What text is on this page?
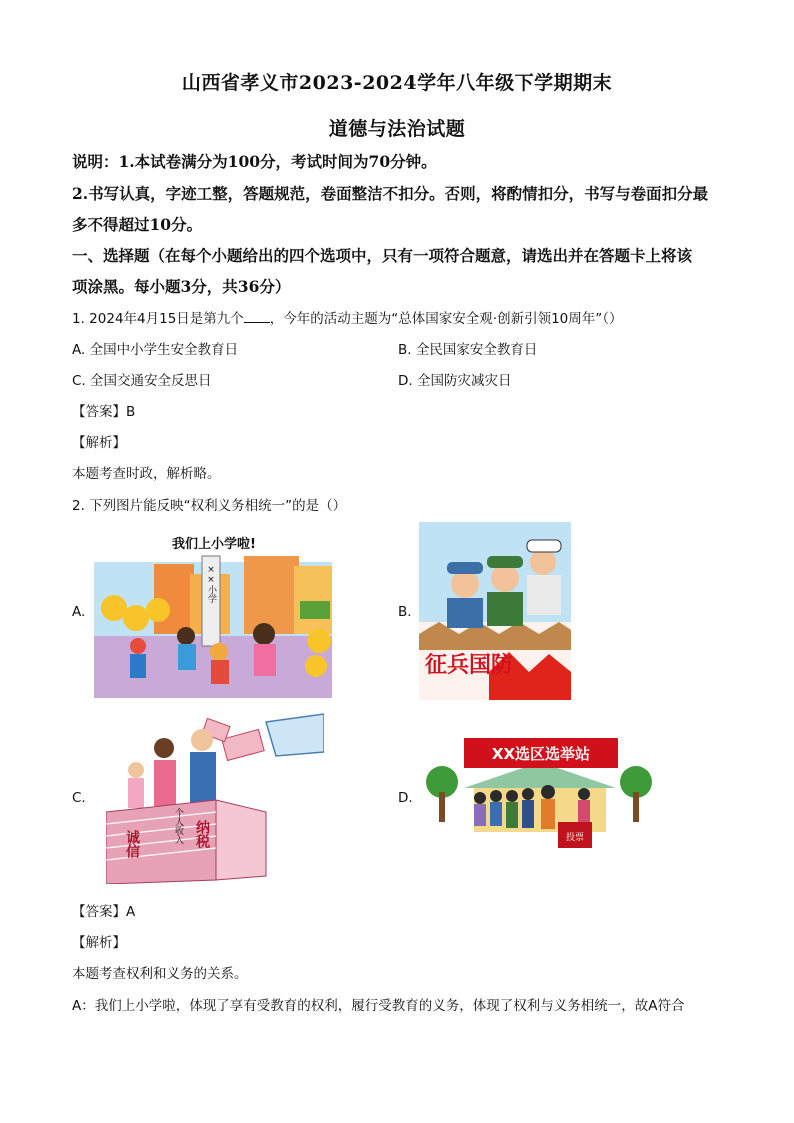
山西省孝义市2023-2024学年八年级下学期期末
道德与法治试题
说明：1.本试卷满分为100分，考试时间为70分钟。
2.书写认真，字迹工整，答题规范，卷面整洁不扣分。否则，将酌情扣分，书写与卷面扣分最
多不得超过10分。
一、选择题（在每个小题给出的四个选项中，只有一项符合题意，请选出并在答题卡上将该
项涂黑。每小题3分，共36分）
1. 2024年4月15日是第九个 ，今年的活动主题为“总体国家安全观·创新引领10周年”（）
A. 全国中小学生安全教育日	B. 全民国家安全教育日
C. 全国交通安全反思日	D. 全国防灾减灾日
【答案】B
【解析】
本题考查时政，解析略。
2. 下列图片能反映“权利义务相统一”的是（）
A.	B.
C.	D.
我们上小学啦!
××小学
征兵国防
诚信	个人收入 纳税
XX选区选举站
投票
【答案】A
【解析】
本题考查权利和义务的关系。
A：我们上小学啦，体现了享有受教育的权利，履行受教育的义务，体现了权利与义务相统一，故A符合
